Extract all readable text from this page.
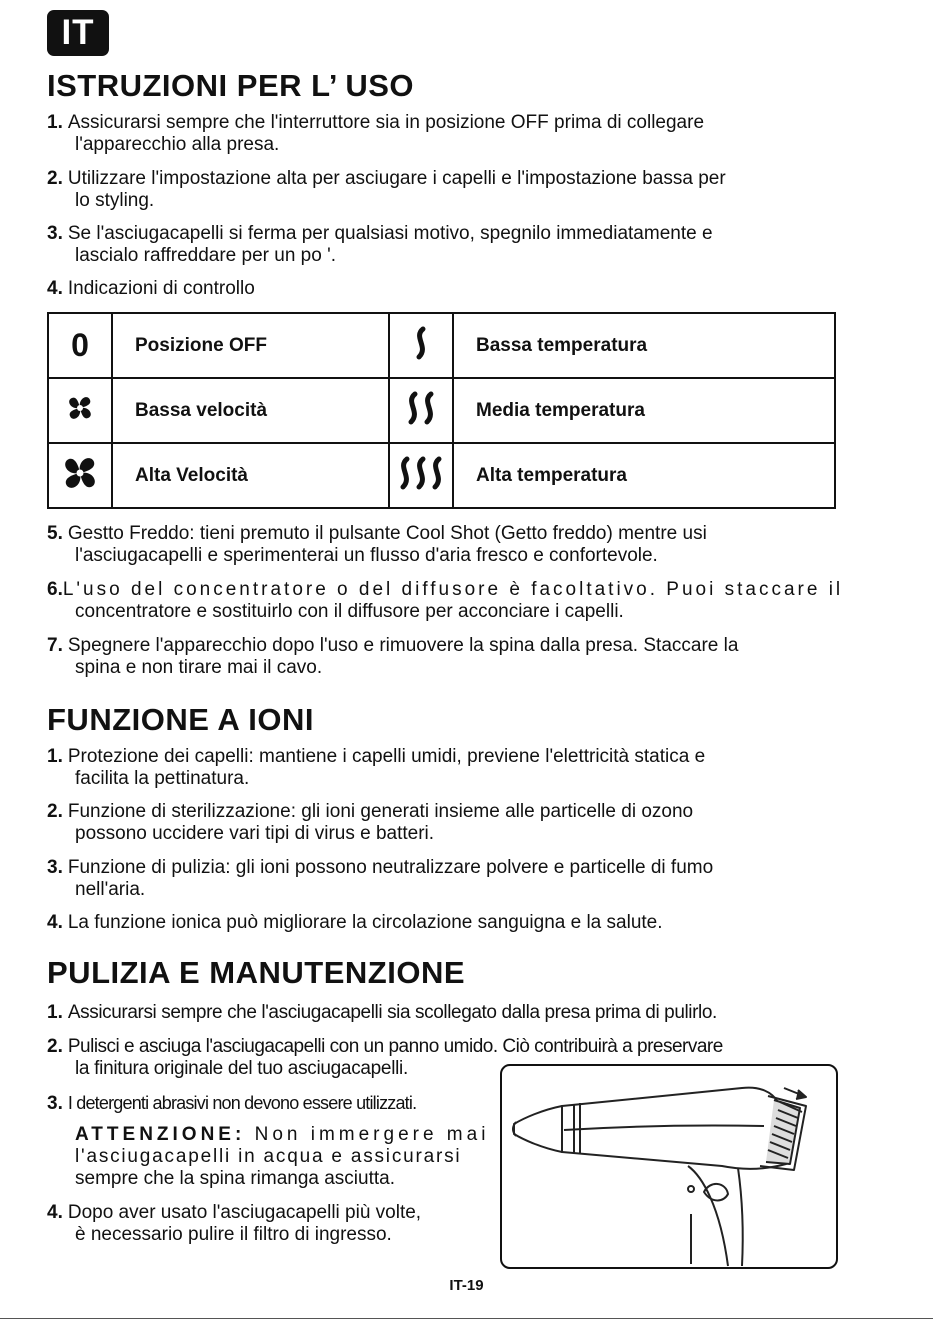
IT
ISTRUZIONI PER L’ USO
1. Assicurarsi sempre che l'interruttore sia in posizione OFF prima di collegare
l'apparecchio alla presa.
2. Utilizzare l'impostazione alta per asciugare i capelli e l'impostazione bassa per
lo styling.
3. Se l'asciugacapelli si ferma per qualsiasi motivo, spegnilo immediatamente e
lascialo raffreddare per un po '.
4. Indicazioni di controllo
0	Posizione OFF		Bassa temperatura
	Bassa velocità		Media temperatura
	Alta Velocità		Alta temperatura
5. Gestto Freddo: tieni premuto il pulsante Cool Shot (Getto freddo) mentre usi
l'asciugacapelli e sperimenterai un flusso d'aria fresco e confortevole.
6. L'uso del concentratore o del diffusore è facoltativo. Puoi staccare il
concentratore e sostituirlo con il diffusore per acconciare i capelli.
7. Spegnere l'apparecchio dopo l'uso e rimuovere la spina dalla presa. Staccare la
spina e non tirare mai il cavo.
FUNZIONE A IONI
1. Protezione dei capelli: mantiene i capelli umidi, previene l'elettricità statica e
facilita la pettinatura.
2. Funzione di sterilizzazione: gli ioni generati insieme alle particelle di ozono
possono uccidere vari tipi di virus e batteri.
3. Funzione di pulizia: gli ioni possono neutralizzare polvere e particelle di fumo
nell'aria.
4. La funzione ionica può migliorare la circolazione sanguigna e la salute.
PULIZIA E MANUTENZIONE
1. Assicurarsi sempre che l'asciugacapelli sia scollegato dalla presa prima di pulirlo.
2. Pulisci e asciuga l'asciugacapelli con un panno umido. Ciò contribuirà a preservare
la finitura originale del tuo asciugacapelli.
3. I detergenti abrasivi non devono essere utilizzati.
ATTENZIONE: Non immergere mai
l'asciugacapelli in acqua e assicurarsi
sempre che la spina rimanga asciutta.
4. Dopo aver usato l'asciugacapelli più volte,
è necessario pulire il filtro di ingresso.
IT-19
